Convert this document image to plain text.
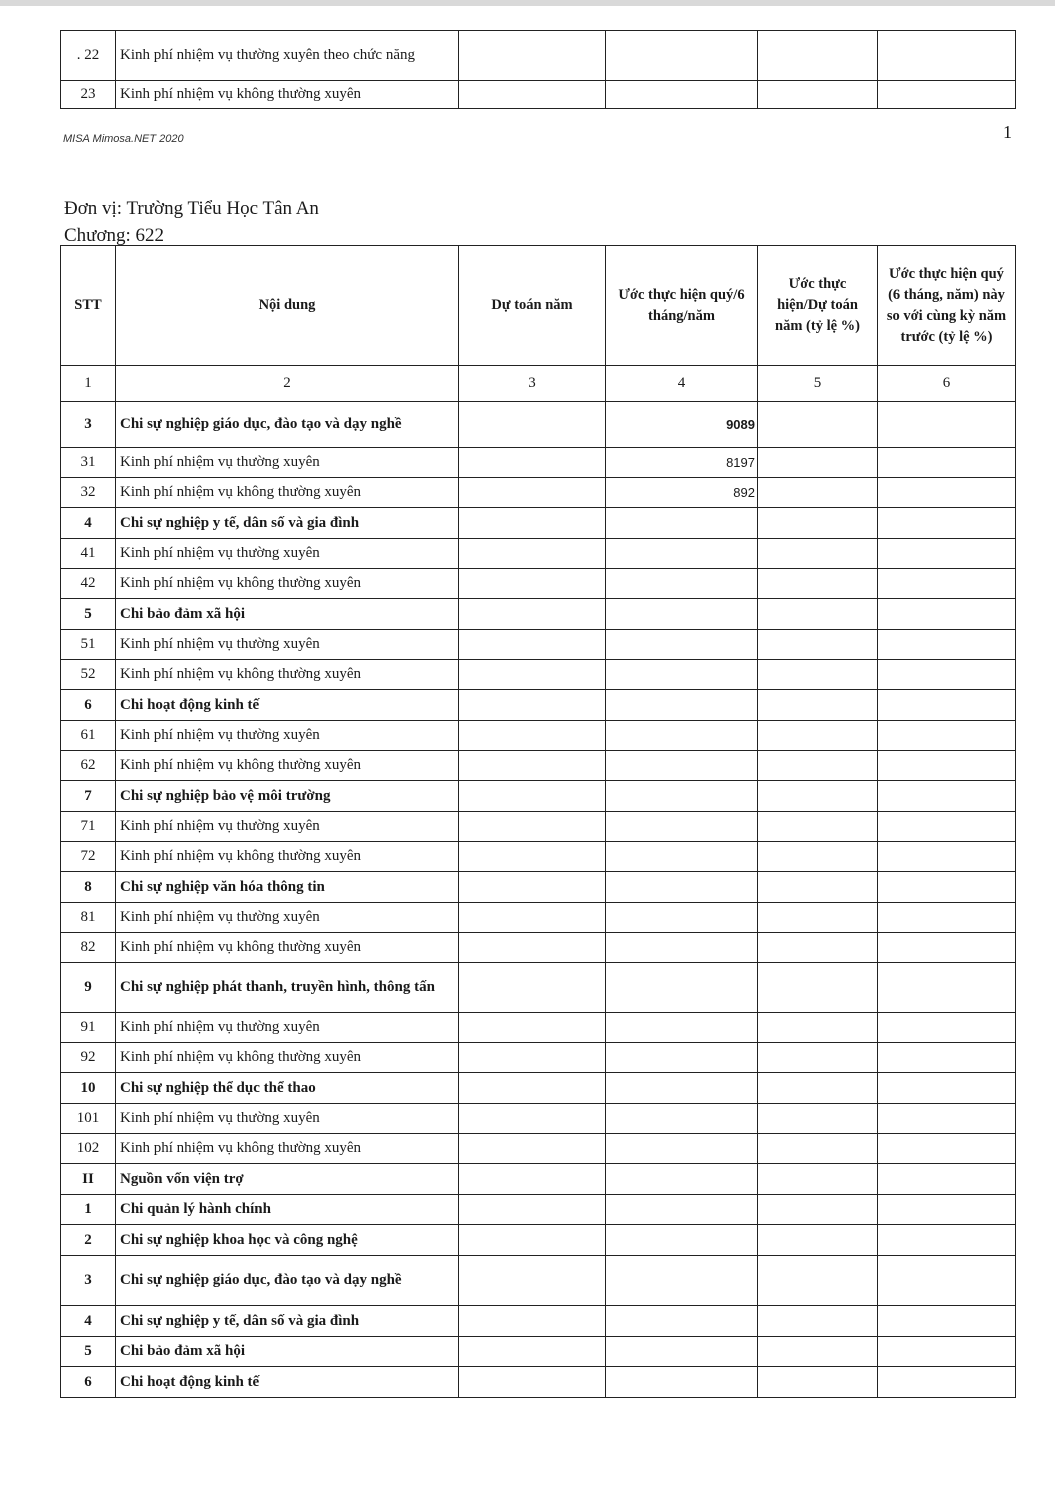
. 22	Kinh phí nhiệm vụ thường xuyên theo chức năng				
23	Kinh phí nhiệm vụ không thường xuyên				
MISA Mimosa.NET 2020	1
Đơn vị: Trường Tiểu Học Tân An
Chương: 622
STT	Nội dung	Dự toán năm	Ước thực hiện quý/6 tháng/năm	Ước thực hiện/Dự toán năm (tỷ lệ %)	Ước thực hiện quý (6 tháng, năm) này so với cùng kỳ năm trước (tỷ lệ %)
1	2	3	4	5	6
3	Chi sự nghiệp giáo dục, đào tạo và dạy nghề		9089		
31	Kinh phí nhiệm vụ thường xuyên		8197		
32	Kinh phí nhiệm vụ không thường xuyên		892		
4	Chi sự nghiệp y tế, dân số và gia đình				
41	Kinh phí nhiệm vụ thường xuyên				
42	Kinh phí nhiệm vụ không thường xuyên				
5	Chi bảo đảm xã hội				
51	Kinh phí nhiệm vụ thường xuyên				
52	Kinh phí nhiệm vụ không thường xuyên				
6	Chi hoạt động kinh tế				
61	Kinh phí nhiệm vụ thường xuyên				
62	Kinh phí nhiệm vụ không thường xuyên				
7	Chi sự nghiệp bảo vệ môi trường				
71	Kinh phí nhiệm vụ thường xuyên				
72	Kinh phí nhiệm vụ không thường xuyên				
8	Chi sự nghiệp văn hóa thông tin				
81	Kinh phí nhiệm vụ thường xuyên				
82	Kinh phí nhiệm vụ không thường xuyên				
9	Chi sự nghiệp phát thanh, truyền hình, thông tấn				
91	Kinh phí nhiệm vụ thường xuyên				
92	Kinh phí nhiệm vụ không thường xuyên				
10	Chi sự nghiệp thể dục thể thao				
101	Kinh phí nhiệm vụ thường xuyên				
102	Kinh phí nhiệm vụ không thường xuyên				
II	Nguồn vốn viện trợ				
1	Chi quản lý hành chính				
2	Chi sự nghiệp khoa học và công nghệ				
3	Chi sự nghiệp giáo dục, đào tạo và dạy nghề				
4	Chi sự nghiệp y tế, dân số và gia đình				
5	Chi bảo đảm xã hội				
6	Chi hoạt động kinh tế				
